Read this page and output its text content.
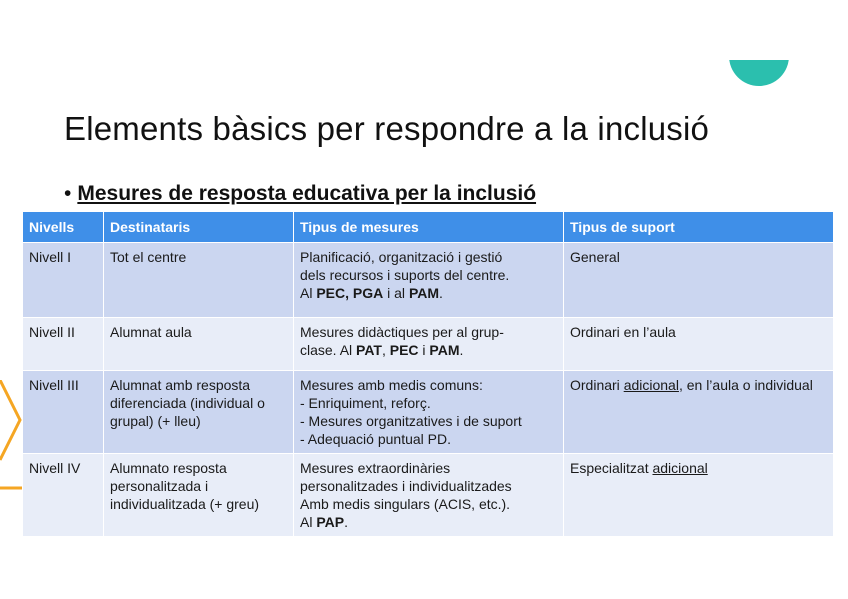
Elements bàsics per respondre a la inclusió
• Mesures de resposta educativa per la inclusió
Nivells	Destinataris	Tipus de mesures	Tipus de suport
Nivell I	Tot el centre	Planificació, organització i gestió
dels recursos i suports del centre.
Al PEC, PGA i al PAM.	General
Nivell II	Alumnat aula	Mesures didàctiques per al grup-
clase. Al PAT, PEC i PAM.	Ordinari en l’aula
Nivell III	Alumnat amb resposta diferenciada (individual o grupal) (+ lleu)	Mesures amb medis comuns:
- Enriquiment, reforç.
- Mesures organitzatives i de suport
- Adequació puntual PD.	Ordinari adicional, en l’aula o individual
Nivell IV	Alumnato resposta personalitzada i individualitzada (+ greu)	Mesures extraordinàries
personalitzades i individualitzades
Amb medis singulars (ACIS, etc.).
Al PAP.	Especialitzat adicional
